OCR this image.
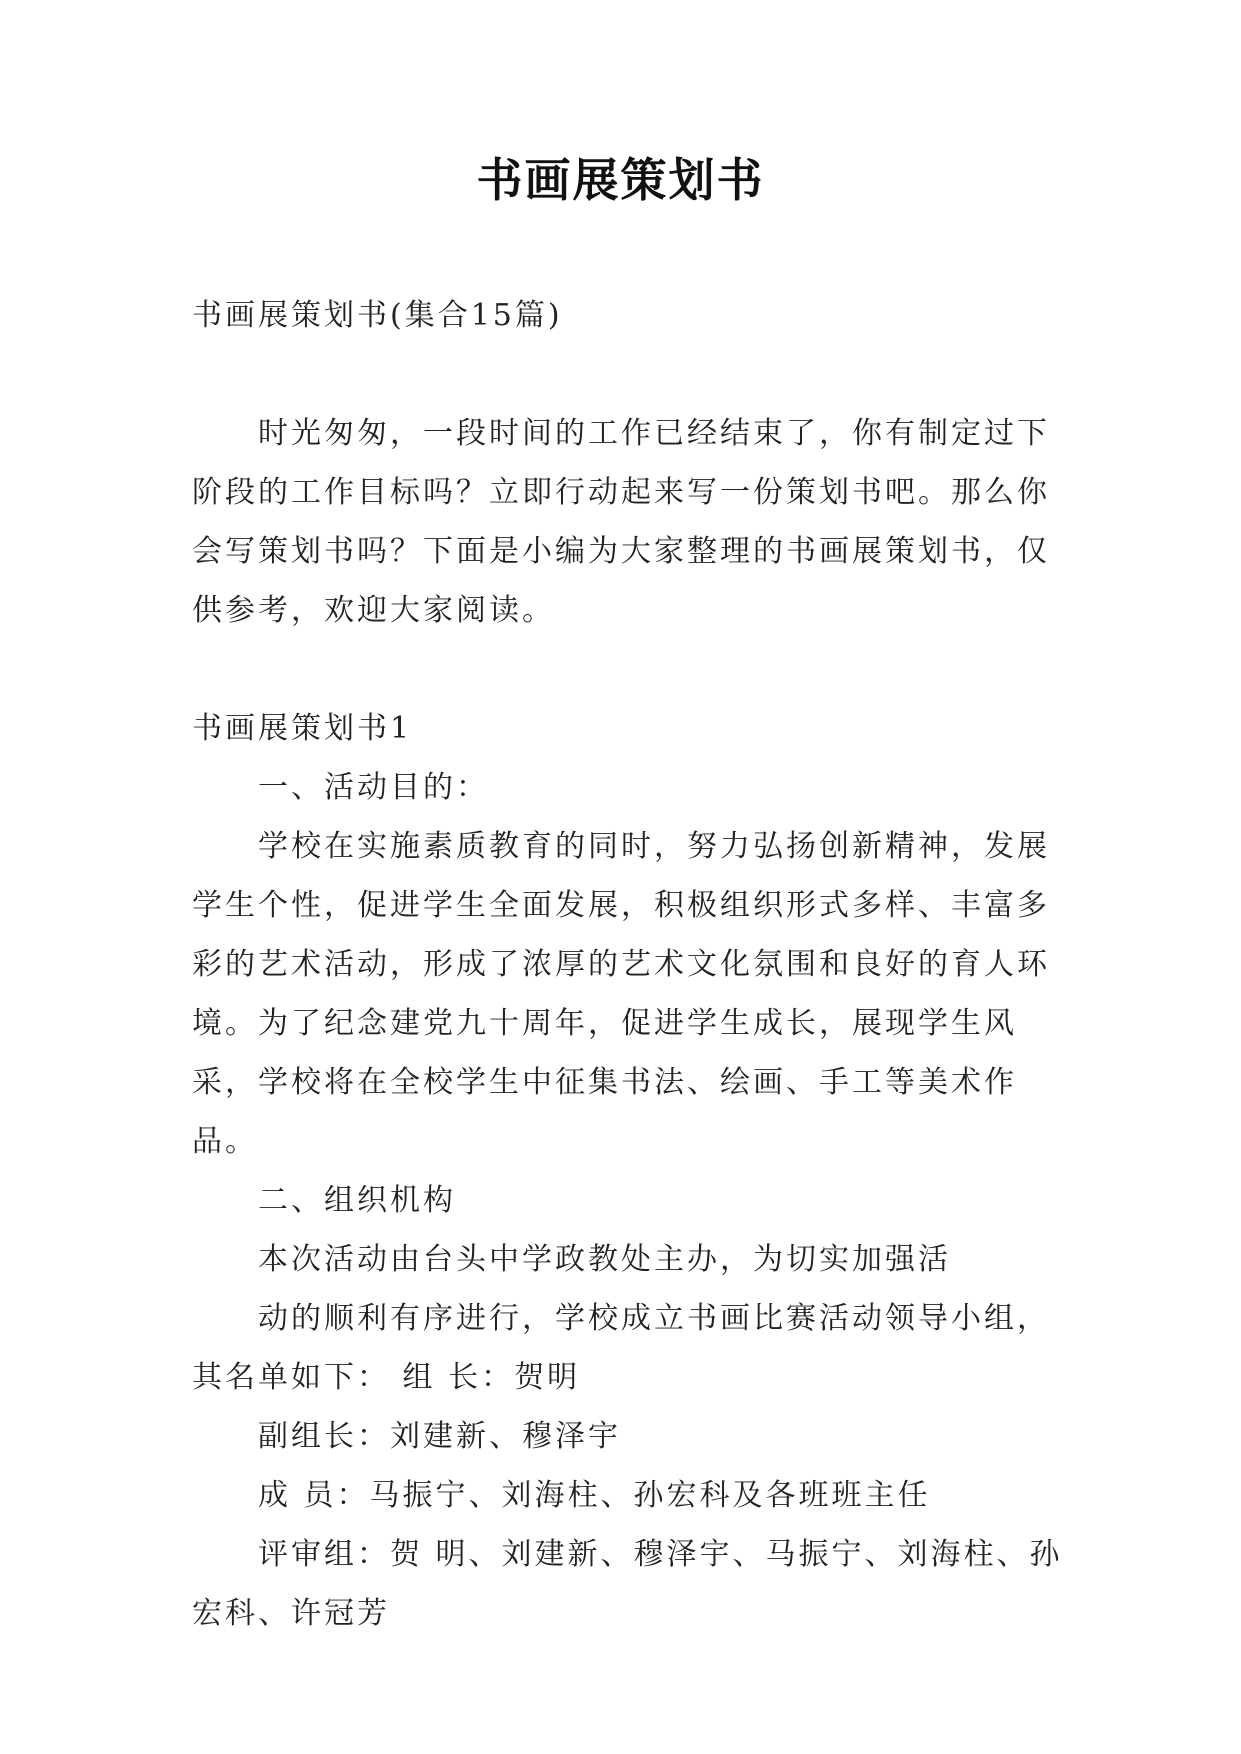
书画展策划书

书画展策划书(集合15篇)

时光匆匆，一段时间的工作已经结束了，你有制定过下阶段的工作目标吗？立即行动起来写一份策划书吧。那么你会写策划书吗？下面是小编为大家整理的书画展策划书，仅供参考，欢迎大家阅读。

书画展策划书1

一、活动目的：

学校在实施素质教育的同时，努力弘扬创新精神，发展学生个性，促进学生全面发展，积极组织形式多样、丰富多彩的艺术活动，形成了浓厚的艺术文化氛围和良好的育人环境。为了纪念建党九十周年，促进学生成长，展现学生风采，学校将在全校学生中征集书法、绘画、手工等美术作品。

二、组织机构

本次活动由台头中学政教处主办，为切实加强活

动的顺利有序进行，学校成立书画比赛活动领导小组，其名单如下： 组 长：贺明

副组长：刘建新、穆泽宇

成 员：马振宁、刘海柱、孙宏科及各班班主任

评审组：贺 明、刘建新、穆泽宇、马振宁、刘海柱、孙宏科、许冠芳
